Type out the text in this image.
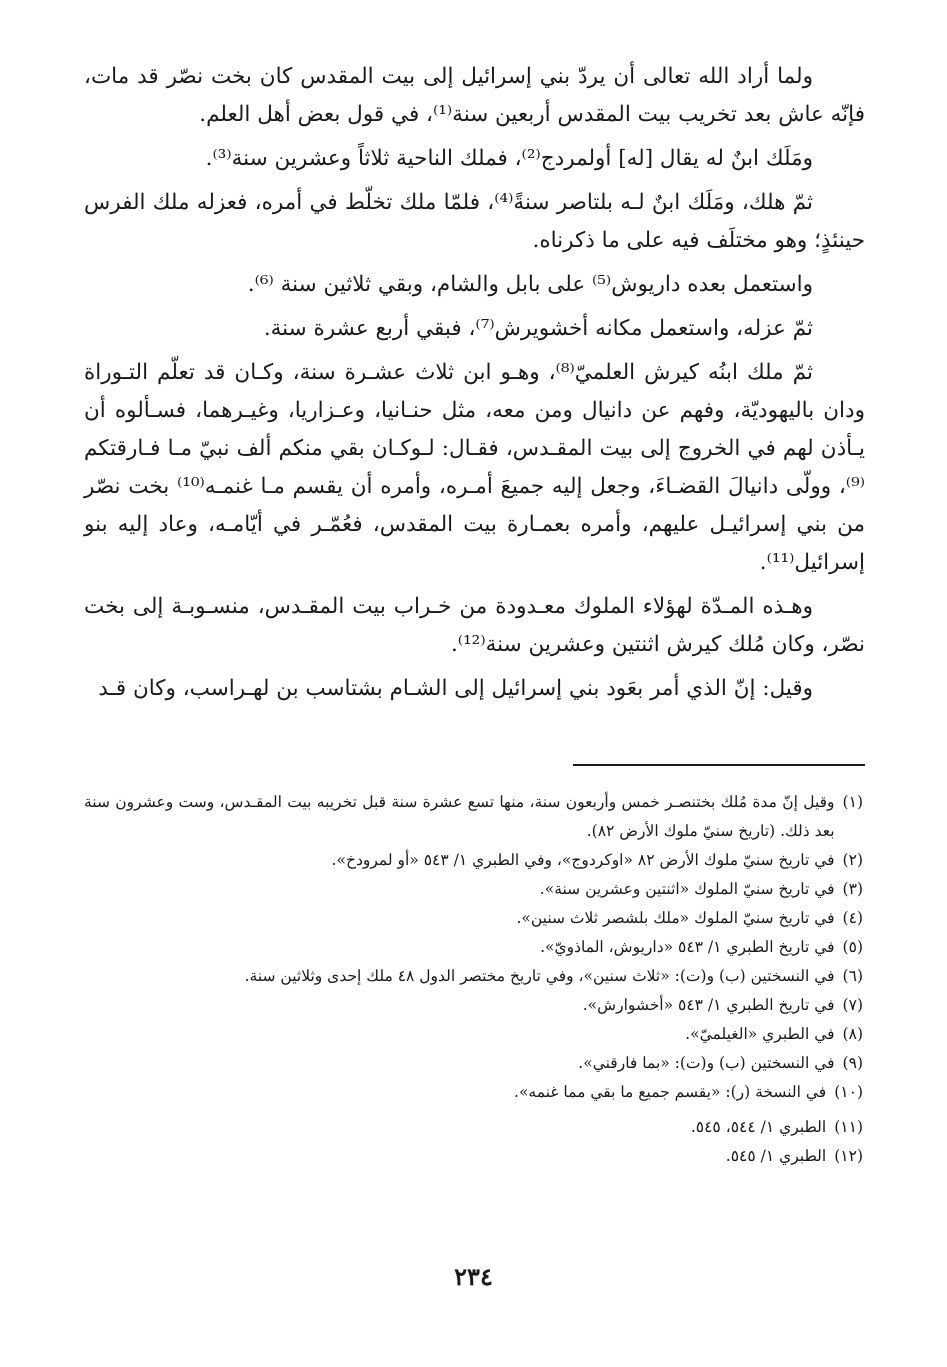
ولما أراد الله تعالى أن يردّ بني إسرائيل إلى بيت المقدس كان بخت نصّر قد مات، فإنّه عاش بعد تخريب بيت المقدس أربعين سنة⁽¹⁾، في قول بعض أهل العلم.

ومَلَك ابنٌ له يقال [له] أولمردج⁽²⁾، فملك الناحية ثلاثاً وعشرين سنة⁽³⁾.

ثمّ هلك، ومَلَك ابنٌ لـه بلتاصر سنةً⁽⁴⁾، فلمّا ملك تخلّط في أمره، فعزله ملك الفرس حينئذٍ؛ وهو مختلَف فيه على ما ذكرناه.

واستعمل بعده داريوش⁽⁵⁾ على بابل والشام، وبقي ثلاثين سنة ⁽⁶⁾.

ثمّ عزله، واستعمل مكانه أخشويرش⁽⁷⁾، فبقي أربع عشرة سنة.

ثمّ ملك ابنُه كيرش العلميّ⁽⁸⁾، وهـو ابن ثلاث عشـرة سنة، وكـان قد تعلّم التـوراة ودان باليهوديّة، وفهم عن دانيال ومن معه، مثل حنـانيا، وعـزاريا، وغيـرهما، فسـألوه أن يـأذن لهم في الخروج إلى بيت المقـدس، فقـال: لـوكـان بقي منكم ألف نبيّ مـا فـارقتكم ⁽⁹⁾، وولّى دانيالَ القضـاءَ، وجعل إليه جميعَ أمـره، وأمره أن يقسم مـا غنمـه⁽¹⁰⁾ بخت نصّر من بني إسرائيـل عليهم، وأمره بعمـارة بيت المقدس، فعُمّـر في أيّامـه، وعاد إليه بنو إسرائيل⁽¹¹⁾.

وهـذه المـدّة لهؤلاء الملوك معـدودة من خـراب بيت المقـدس، منسـوبـة إلى بخت نصّر، وكان مُلك كيرش اثنتين وعشرين سنة⁽¹²⁾.

وقيل: إنّ الذي أمر بعَود بني إسرائيل إلى الشـام بشتاسب بن لهـراسب، وكان قـد

(١)
وقيل إنّ مدة مُلك بختنصـر خمس وأربعون سنة، منها تسع عشرة سنة قبل تخريبه بيت المقـدس، وست وعشرون سنة بعد ذلك. (تاريخ سنيّ ملوك الأرض ٨٢).
(٢)
في تاريخ سنيّ ملوك الأرض ٨٢ «اوكردوج»، وفي الطبري ١/ ٥٤٣ «أو لمرودخ».
(٣)
في تاريخ سنيّ الملوك «اثنتين وعشرين سنة».
(٤)
في تاريخ سنيّ الملوك «ملك بلشصر ثلاث سنين».
(٥)
في تاريخ الطبري ١/ ٥٤٣ «داريوش، الماذويّ».
(٦)
في النسختين (ب) و(ت): «ثلاث سنين»، وفي تاريخ مختصر الدول ٤٨ ملك إحدى وثلاثين سنة.
(٧)
في تاريخ الطبري ١/ ٥٤٣ «أخشوارش».
(٨)
في الطبري «الغيلميّ».
(٩)
في النسختين (ب) و(ت): «بما فارقني».
(١٠)
في النسخة (ر): «يقسم جميع ما بقي مما غنمه».
(١١)
الطبري ١/ ٥٤٤، ٥٤٥.
(١٢)
الطبري ١/ ٥٤٥.
٢٣٤
